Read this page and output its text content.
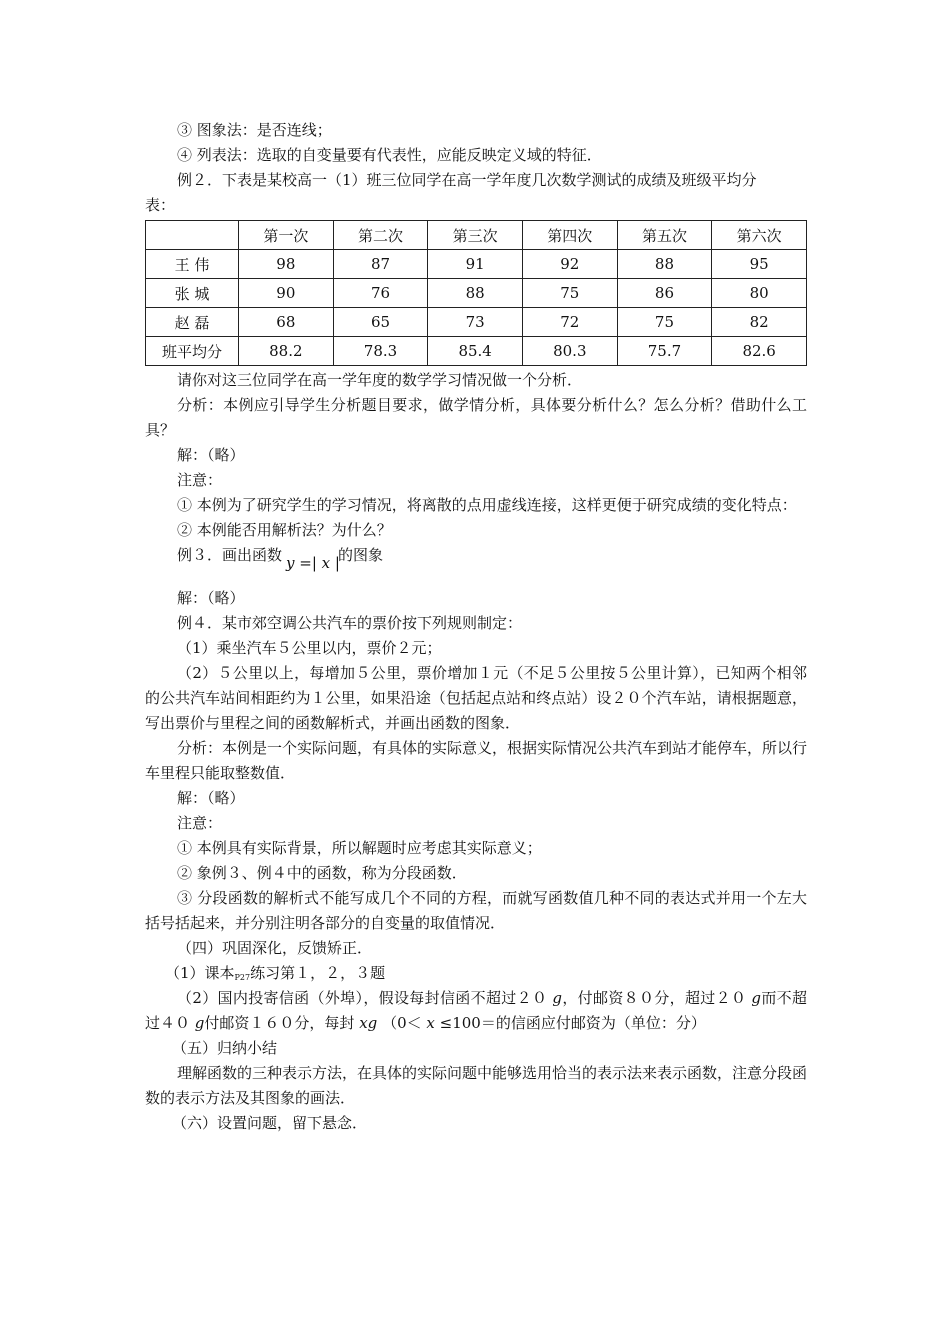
③ 图象法：是否连线；
④ 列表法：选取的自变量要有代表性，应能反映定义域的特征．
例２．下表是某校高一（1）班三位同学在高一学年度几次数学测试的成绩及班级平均分
表：
	第一次	第二次	第三次	第四次	第五次	第六次
王 伟	98	87	91	92	88	95
张 城	90	76	88	75	86	80
赵 磊	68	65	73	72	75	82
班平均分	88.2	78.3	85.4	80.3	75.7	82.6
请你对这三位同学在高一学年度的数学学习情况做一个分析．
分析：本例应引导学生分析题目要求，做学情分析，具体要分析什么？怎么分析？借助什么工具？
解：（略）
注意：
① 本例为了研究学生的学习情况，将离散的点用虚线连接，这样更便于研究成绩的变化特点：
② 本例能否用解析法？为什么？
例３．画出函数 y =| x |
的图象
解：（略）
例４．某市郊空调公共汽车的票价按下列规则制定：
（1）乘坐汽车５公里以内，票价２元；
（2）５公里以上，每增加５公里，票价增加１元（不足５公里按５公里计算），已知两个相邻的公共汽车站间相距约为１公里，如果沿途（包括起点站和终点站）设２０个汽车站，请根据题意，写出票价与里程之间的函数解析式，并画出函数的图象．
分析：本例是一个实际问题，有具体的实际意义，根据实际情况公共汽车到站才能停车，所以行车里程只能取整数值．
解：（略）
注意：
① 本例具有实际背景，所以解题时应考虑其实际意义；
② 象例３、例４中的函数，称为分段函数．
③ 分段函数的解析式不能写成几个不同的方程，而就写函数值几种不同的表达式并用一个左大括号括起来，并分别注明各部分的自变量的取值情况．
（四）巩固深化，反馈矫正．
（1）课本$_{P27}$练习第１，２，３题
（2）国内投寄信函（外埠），假设每封信函不超过２０ g，付邮资８０分，超过２０ g而不超过４０ g付邮资１６０分，每封 xg （0＜ x ≤100＝的信函应付邮资为（单位：分）
（五）归纳小结
理解函数的三种表示方法，在具体的实际问题中能够选用恰当的表示法来表示函数，注意分段函数的表示方法及其图象的画法．
（六）设置问题，留下悬念．
